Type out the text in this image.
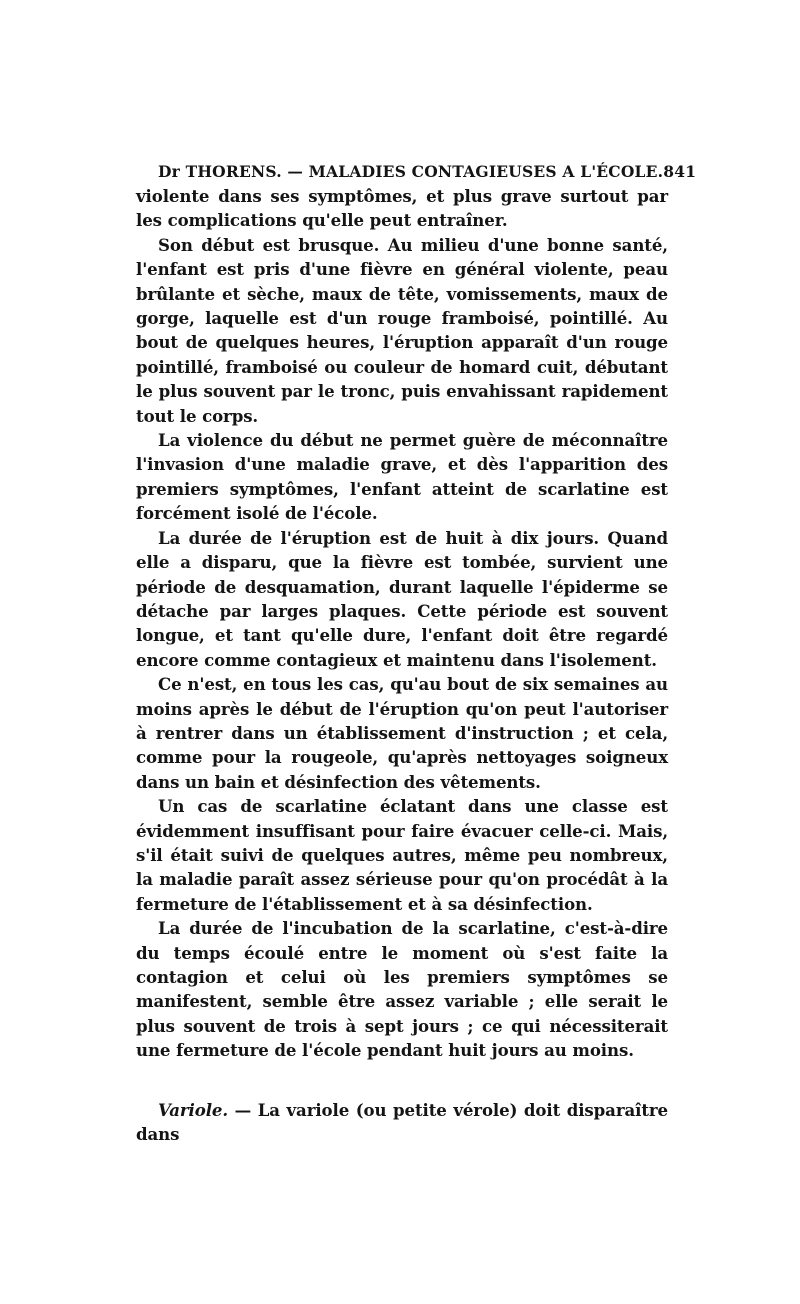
Dr THORENS. — MALADIES CONTAGIEUSES A L'ÉCOLE. 841

violente dans ses symptômes, et plus grave surtout par les complications qu'elle peut entraîner.

Son début est brusque. Au milieu d'une bonne santé, l'enfant est pris d'une fièvre en général violente, peau brûlante et sèche, maux de tête, vomissements, maux de gorge, laquelle est d'un rouge framboisé, pointillé. Au bout de quelques heures, l'éruption apparaît d'un rouge pointillé, framboisé ou couleur de homard cuit, débutant le plus souvent par le tronc, puis envahissant rapidement tout le corps.

La violence du début ne permet guère de méconnaître l'invasion d'une maladie grave, et dès l'apparition des premiers symptômes, l'enfant atteint de scarlatine est forcément isolé de l'école.

La durée de l'éruption est de huit à dix jours. Quand elle a disparu, que la fièvre est tombée, survient une période de desquamation, durant laquelle l'épiderme se détache par larges plaques. Cette période est souvent longue, et tant qu'elle dure, l'enfant doit être regardé encore comme contagieux et maintenu dans l'isolement.

Ce n'est, en tous les cas, qu'au bout de six semaines au moins après le début de l'éruption qu'on peut l'autoriser à rentrer dans un établissement d'instruction ; et cela, comme pour la rougeole, qu'après nettoyages soigneux dans un bain et désinfection des vêtements.

Un cas de scarlatine éclatant dans une classe est évidemment insuffisant pour faire évacuer celle-ci. Mais, s'il était suivi de quelques autres, même peu nombreux, la maladie paraît assez sérieuse pour qu'on procédât à la fermeture de l'établissement et à sa désinfection.

La durée de l'incubation de la scarlatine, c'est-à-dire du temps écoulé entre le moment où s'est faite la contagion et celui où les premiers symptômes se manifestent, semble être assez variable ; elle serait le plus souvent de trois à sept jours ; ce qui nécessiterait une fermeture de l'école pendant huit jours au moins.

Variole. — La variole (ou petite vérole) doit disparaître dans
